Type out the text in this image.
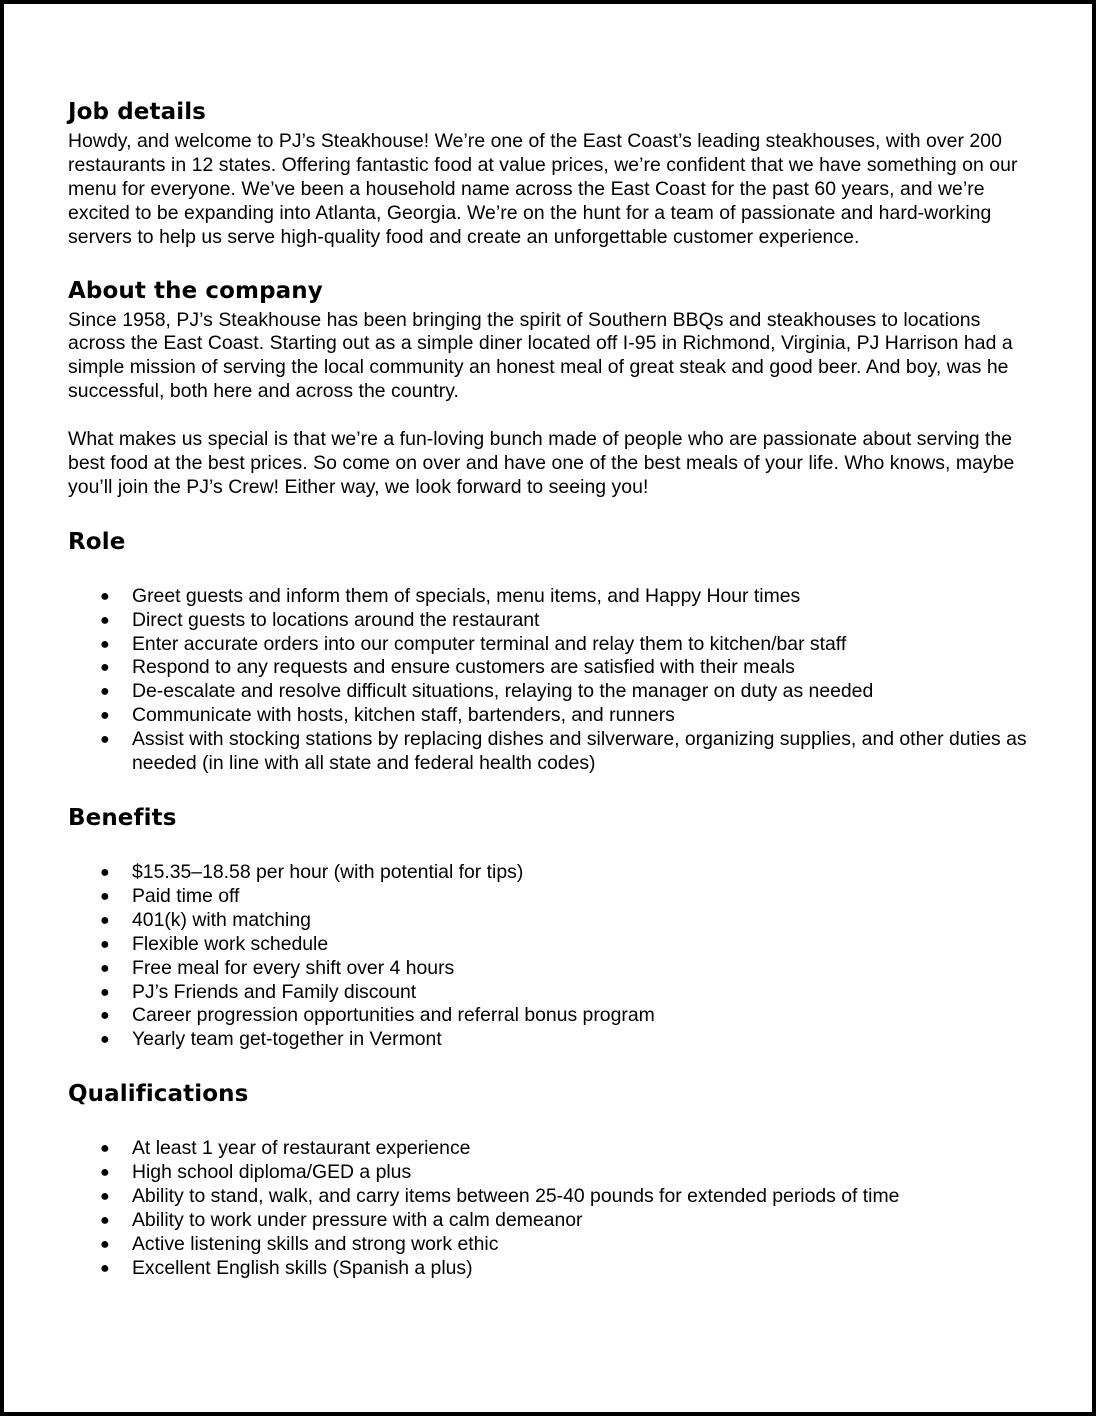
Job details

Howdy, and welcome to PJ’s Steakhouse! We’re one of the East Coast’s leading steakhouses, with over 200 restaurants in 12 states. Offering fantastic food at value prices, we’re confident that we have something on our menu for everyone. We’ve been a household name across the East Coast for the past 60 years, and we’re excited to be expanding into Atlanta, Georgia. We’re on the hunt for a team of passionate and hard-working servers to help us serve high-quality food and create an unforgettable customer experience.

About the company

Since 1958, PJ’s Steakhouse has been bringing the spirit of Southern BBQs and steakhouses to locations across the East Coast. Starting out as a simple diner located off I-95 in Richmond, Virginia, PJ Harrison had a simple mission of serving the local community an honest meal of great steak and good beer. And boy, was he successful, both here and across the country.

What makes us special is that we’re a fun-loving bunch made of people who are passionate about serving the best food at the best prices. So come on over and have one of the best meals of your life. Who knows, maybe you’ll join the PJ’s Crew! Either way, we look forward to seeing you!

Role
● Greet guests and inform them of specials, menu items, and Happy Hour times
● Direct guests to locations around the restaurant
● Enter accurate orders into our computer terminal and relay them to kitchen/bar staff
● Respond to any requests and ensure customers are satisfied with their meals
● De-escalate and resolve difficult situations, relaying to the manager on duty as needed
● Communicate with hosts, kitchen staff, bartenders, and runners
● Assist with stocking stations by replacing dishes and silverware, organizing supplies, and other duties as needed (in line with all state and federal health codes)
Benefits
● $15.35–18.58 per hour (with potential for tips)
● Paid time off
● 401(k) with matching
● Flexible work schedule
● Free meal for every shift over 4 hours
● PJ’s Friends and Family discount
● Career progression opportunities and referral bonus program
● Yearly team get-together in Vermont
Qualifications
● At least 1 year of restaurant experience
● High school diploma/GED a plus
● Ability to stand, walk, and carry items between 25-40 pounds for extended periods of time
● Ability to work under pressure with a calm demeanor
● Active listening skills and strong work ethic
● Excellent English skills (Spanish a plus)
